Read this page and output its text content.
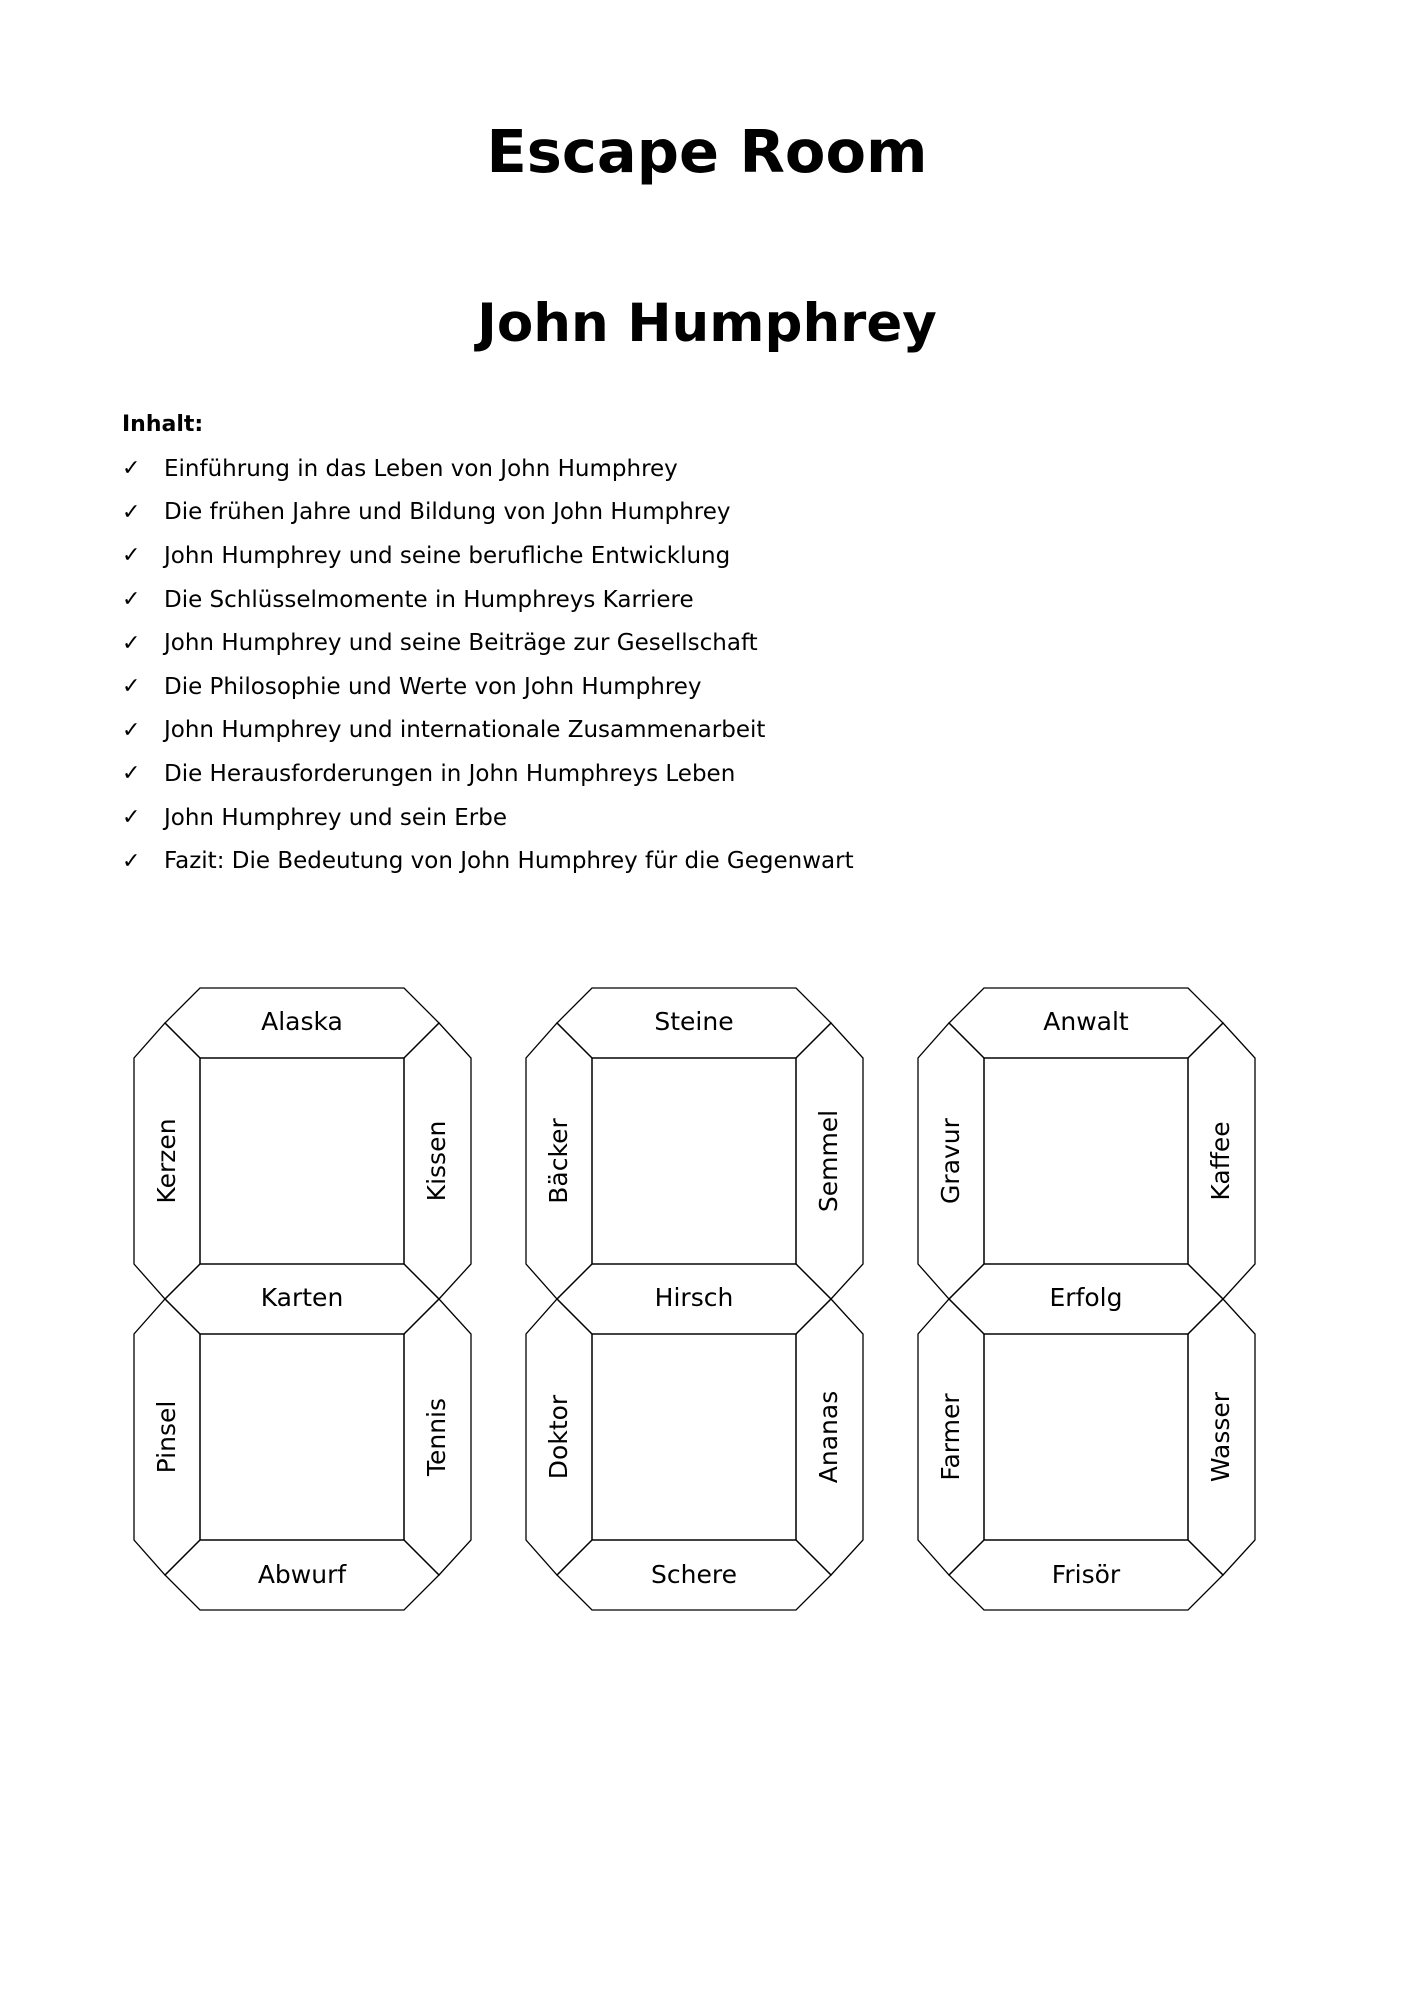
Escape Room
John Humphrey
Inhalt:
✓	Einführung in das Leben von John Humphrey
✓	Die frühen Jahre und Bildung von John Humphrey
✓	John Humphrey und seine berufliche Entwicklung
✓	Die Schlüsselmomente in Humphreys Karriere
✓	John Humphrey und seine Beiträge zur Gesellschaft
✓	Die Philosophie und Werte von John Humphrey
✓	John Humphrey und internationale Zusammenarbeit
✓	Die Herausforderungen in John Humphreys Leben
✓	John Humphrey und sein Erbe
✓	Fazit: Die Bedeutung von John Humphrey für die Gegenwart
Alaska
Kerzen	Kissen
Karten
Pinsel	Tennis
Abwurf
Steine
Bäcker	Semmel
Hirsch
Doktor	Ananas
Schere
Anwalt
Gravur	Kaffee
Erfolg
Farmer	Wasser
Frisör
